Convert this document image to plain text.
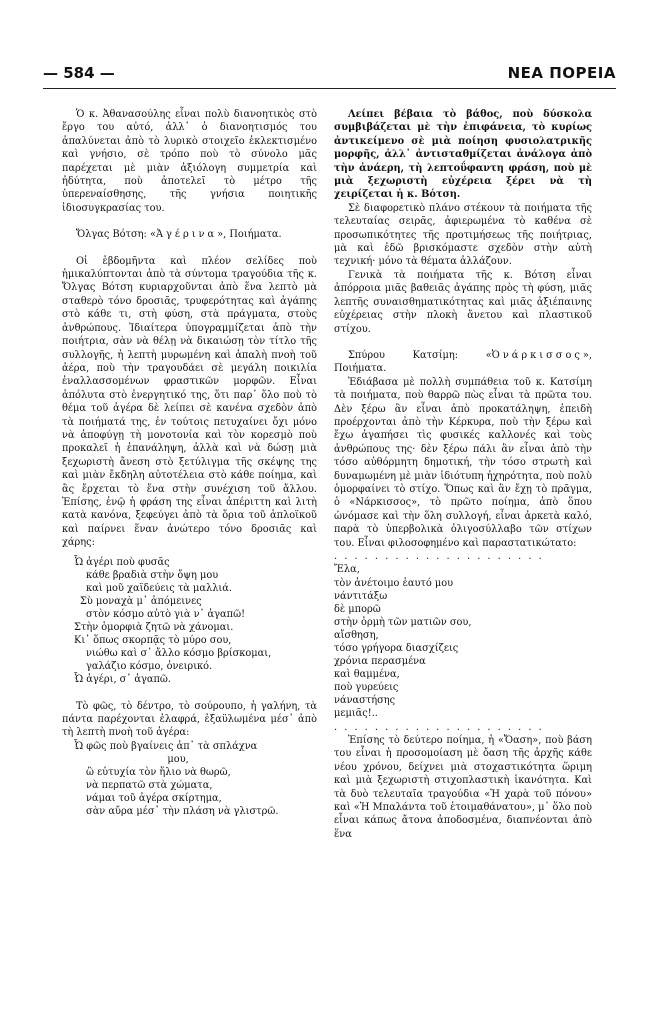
— 584 —	ΝΕΑ ΠΟΡΕΙΑ

Ὁ κ. Ἀθανασούλης εἶναι πολὺ διανοητικὸς στὸ ἔργο του αὐτό, ἀλλ᾽ ὁ διανοητισμός του ἀπαλύνεται ἀπὸ τὸ λυρικὸ στοιχεῖο ἐκλεκτισμένο καὶ γνήσιο, σὲ τρόπο ποὺ τὸ σύνολο μᾶς παρέχεται μὲ μιὰν ἀξιόλογη συμμετρία καὶ ἠδύτητα, ποὺ ἀποτελεῖ τὸ μέτρο τῆς ὑπερεναίσθησης, τῆς γνήσια ποιητικῆς ἰδιοσυγκρασίας του.

Ὄλγας Βότση: «Ἀγέρινα», Ποιήματα.

Οἱ ἑβδομῆντα καὶ πλέον σελίδες ποὺ ἡμικαλύπτονται ἀπὸ τὰ σύντομα τραγούδια τῆς κ. Ὄλγας Βότση κυριαρχοῦνται ἀπὸ ἕνα λεπτὸ μὰ σταθερὸ τόνο δροσιᾶς, τρυφερότητας καὶ ἀγάπης στὸ κάθε τι, στὴ φύση, στὰ πράγματα, στοὺς ἀνθρώπους. Ἰδιαίτερα ὑπογραμμίζεται ἀπὸ τὴν ποιήτρια, σὰν νὰ θέλῃ νὰ δικαιώσῃ τὸν τίτλο τῆς συλλογῆς, ἡ λεπτὴ μυρωμένη καὶ ἁπαλὴ πνοὴ τοῦ ἀέρα, ποὺ τὴν τραγουδάει σὲ μεγάλη ποικιλία ἐναλλασσομένων φραστικῶν μορφῶν. Εἶναι ἀπόλυτα στὸ ἐνεργητικό της, ὅτι παρ᾽ ὅλο ποὺ τὸ θέμα τοῦ ἀγέρα δὲ λείπει σὲ κανένα σχεδὸν ἀπὸ τὰ ποιήματά της, ἐν τούτοις πετυχαίνει ὄχι μόνο νὰ ἀποφύγῃ τὴ μονοτονία καὶ τὸν κορεσμὸ ποὺ προκαλεῖ ἡ ἐπανάληψη, ἀλλὰ καὶ νὰ δώσῃ μιὰ ξεχωριστὴ ἄνεση στὸ ξετύλιγμα τῆς σκέψης της καὶ μιὰν ἔκδηλη αὐτοτέλεια στὸ κάθε ποίημα, καὶ ἂς ἔρχεται τὸ ἕνα στὴν συνέχιση τοῦ ἄλλου. Ἐπίσης, ἐνῷ ἡ φράση της εἶναι ἀπέριττη καὶ λιτὴ κατὰ κανόνα, ξεφεύγει ἀπὸ τὰ ὅρια τοῦ ἁπλοϊκοῦ καὶ παίρνει ἕναν ἀνώτερο τόνο δροσιᾶς καὶ χάρης:

Ὦ ἀγέρι ποὺ φυσᾶς
κάθε βραδιὰ στὴν ὄψη μου
καὶ μοῦ χαϊδεύεις τὰ μαλλιά.
Σὺ μοναχὰ μ᾽ ἀπόμεινες
στὸν κόσμο αὐτὸ γιὰ ν᾽ ἀγαπῶ!
Στὴν ὁμορφιὰ ζητῶ νὰ χάνομαι.
Κι᾽ ὅπως σκορπᾷς τὸ μύρο σου,
νιώθω καὶ σ᾽ ἄλλο κόσμο βρίσκομαι,
γαλάζιο κόσμο, ὀνειρικό.
Ὦ ἀγέρι, σ᾽ ἀγαπῶ.

Τὸ φῶς, τὸ δέντρο, τὸ σούρουπο, ἡ γαλήνη, τὰ πάντα παρέχονται ἐλαφρά, ἐξαϋλωμένα μέσ᾽ ἀπὸ τὴ λεπτὴ πνοὴ τοῦ ἀγέρα:

Ὦ φῶς ποὺ βγαίνεις ἀπ᾽ τὰ σπλάχνα
μου,
ὢ εὐτυχία τὸν ἥλιο νὰ θωρῶ,
νὰ περπατῶ στὰ χώματα,
νάμαι τοῦ ἀγέρα σκίρτημα,
σὰν αὔρα μέσ᾽ τὴν πλάση νὰ γλιστρῶ.

Λείπει βέβαια τὸ βάθος, ποὺ δύσκολα συμβιβάζεται μὲ τὴν ἐπιφάνεια, τὸ κυρίως ἀντικείμενο σὲ μιὰ ποίηση φυσιολατρικῆς μορφῆς, ἀλλ᾽ ἀντισταθμίζεται ἀνάλογα ἀπὸ τὴν ἀνάερη, τὴ λεπτοΰφαντη φράση, ποὺ μὲ μιὰ ξεχωριστὴ εὐχέρεια ξέρει νὰ τὴ χειρίζεται ἡ κ. Βότση.

Σὲ διαφορετικὸ πλάνο στέκουν τὰ ποιήματα τῆς τελευταίας σειρᾶς, ἀφιερωμένα τὸ καθένα σὲ προσωπικότητες τῆς προτιμήσεως τῆς ποιήτριας, μὰ καὶ ἐδῶ βρισκόμαστε σχεδὸν στὴν αὐτὴ τεχνική· μόνο τὰ θέματα ἀλλάζουν.

Γενικὰ τὰ ποιήματα τῆς κ. Βότση εἶναι ἀπόρροια μιᾶς βαθειᾶς ἀγάπης πρὸς τὴ φύση, μιᾶς λεπτῆς συναισθηματικότητας καὶ μιᾶς ἀξιέπαινης εὐχέρειας στὴν πλοκὴ ἄνετου καὶ πλαστικοῦ στίχου.

Σπύρου Κατσίμη: «Ὀνάρκισσος», Ποιήματα.

Ἐδιάβασα μὲ πολλὴ συμπάθεια τοῦ κ. Κατσίμη τὰ ποιήματα, ποὺ θαρρῶ πὼς εἶναι τὰ πρῶτα του. Δὲν ξέρω ἂν εἶναι ἀπὸ προκατάληψη, ἐπειδὴ προέρχονται ἀπὸ τὴν Κέρκυρα, ποὺ τὴν ξέρω καὶ ἔχω ἀγαπήσει τὶς φυσικές καλλονές καὶ τοὺς ἀνθρώπους της· δὲν ξέρω πάλι ἂν εἶναι ἀπὸ τὴν τόσο αὐθόρμητη δημοτική, τὴν τόσο στρωτὴ καὶ δυναμωμένη μὲ μιὰν ἰδιότυπη ἠχηρότητα, ποὺ πολὺ ὁμορφαίνει τὸ στίχο. Ὅπως καὶ ἂν ἔχῃ τὸ πρᾶγμα, ὁ «Νάρκισσος», τὸ πρῶτο ποίημα, ἀπὸ ὅπου ὠνόμασε καὶ τὴν ὅλη συλλογή, εἶναι ἀρκετὰ καλό, παρὰ τὸ ὑπερβολικὰ ὀλιγοσύλλαβο τῶν στίχων του. Εἶναι φιλοσοφημένο καὶ παραστατικώτατο:

. . . . . . . . . . . . . . . . . . . . .

Ἔλα,
τὸν ἀνέτοιμο ἑαυτό μου
νάντιτάξω
δὲ μπορῶ
στὴν ὁρμὴ τῶν ματιῶν σου,
αἴσθηση,
τόσο γρήγορα διασχίζεις
χρόνια περασμένα
καὶ θαμμένα,
ποὺ γυρεύεις
νάναστήσης
μεμιᾶς!..

. . . . . . . . . . . . . . . . . . . . .

Ἐπίσης τὸ δεύτερο ποίημα, ἡ «Ὄαση», ποὺ βάση του εἶναι ἡ προσομοίαση μὲ ὄαση τῆς ἀρχῆς κάθε νέου χρόνου, δείχνει μιὰ στοχαστικότητα ὥριμη καὶ μιὰ ξεχωριστὴ στιχοπλαστικὴ ἱκανότητα. Καὶ τὰ δυὸ τελευταῖα τραγούδια «Ἡ χαρὰ τοῦ πόνου» καὶ «Ἡ Μπαλάντα τοῦ ἑτοιμαθάνατου», μ᾽ ὅλο ποὺ εἶναι κάπως ἄτονα ἀποδοσμένα, διαπνέονται ἀπὸ ἕνα
